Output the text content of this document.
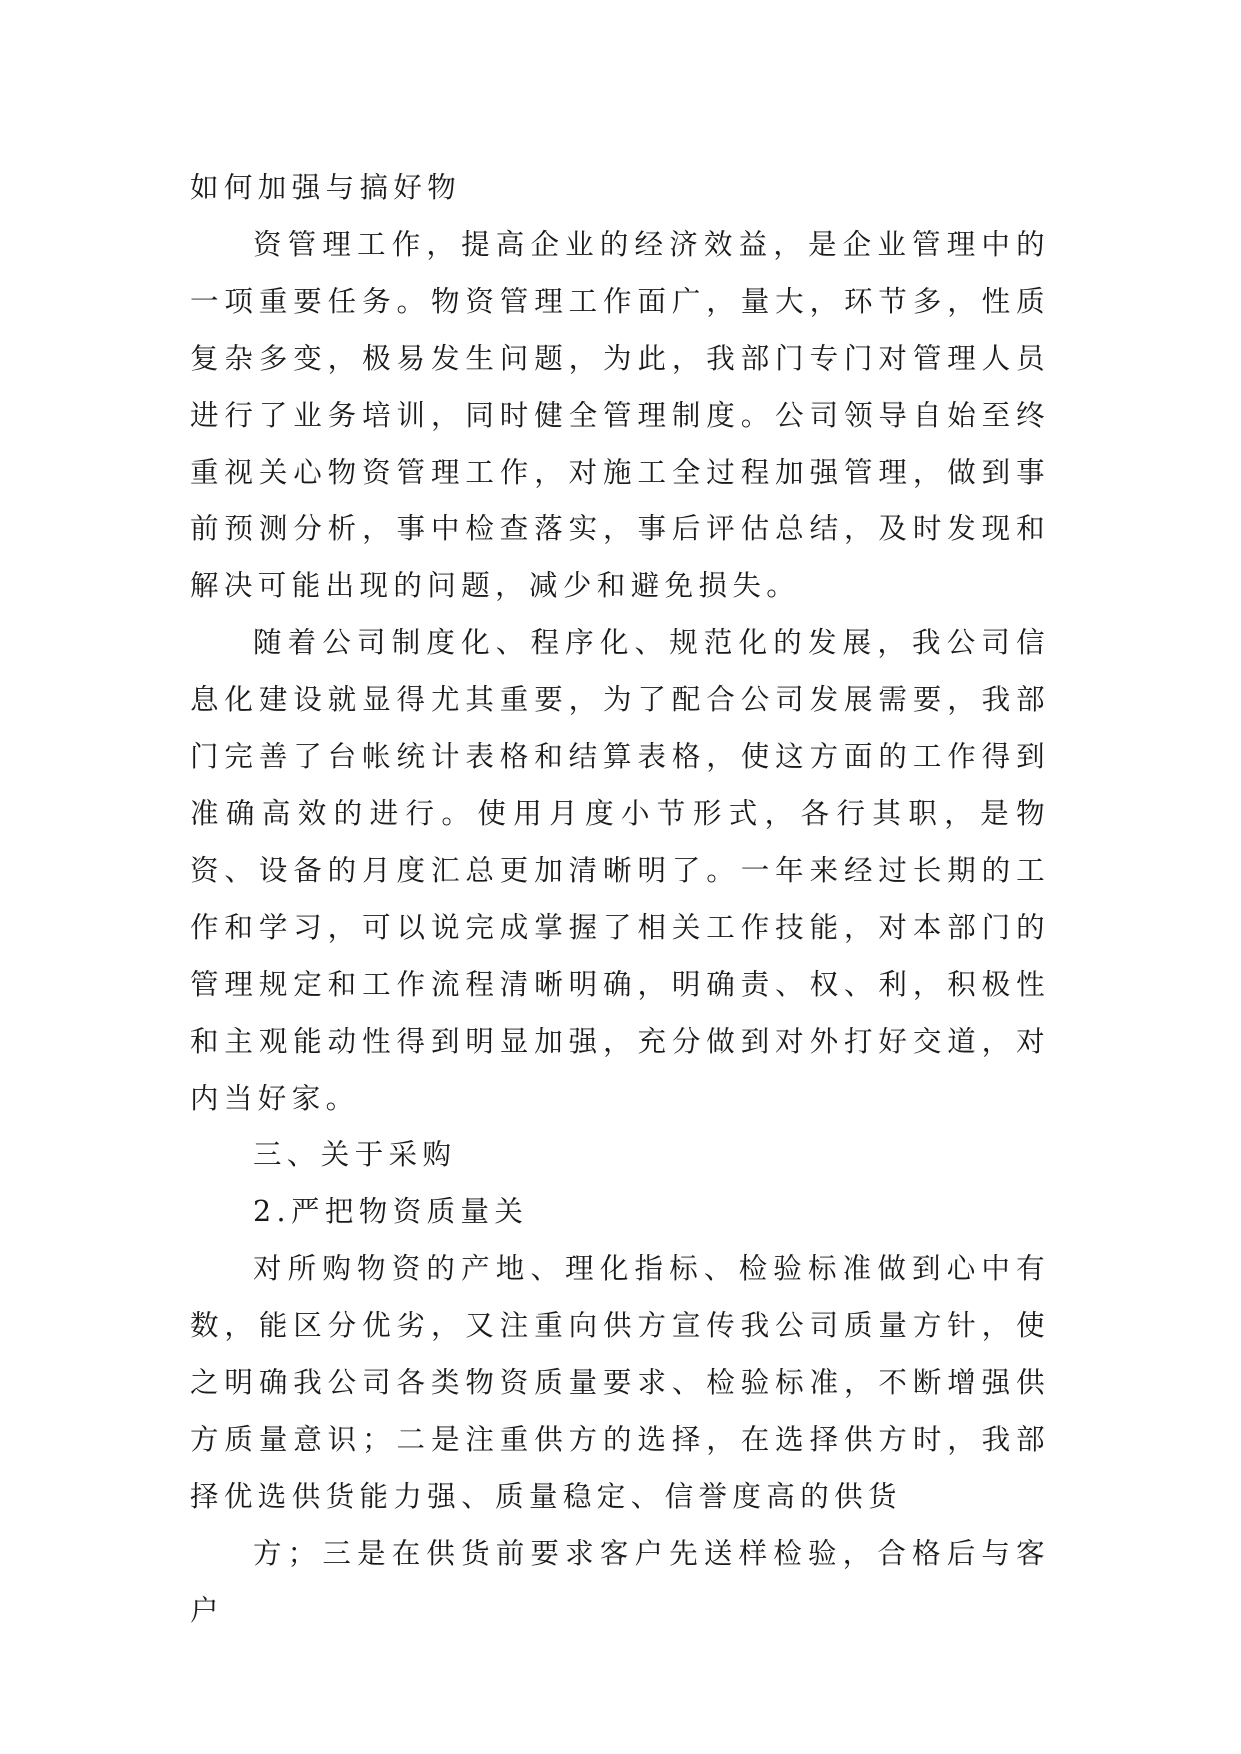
如何加强与搞好物

资管理工作，提高企业的经济效益，是企业管理中的一项重要任务。物资管理工作面广，量大，环节多，性质复杂多变，极易发生问题，为此，我部门专门对管理人员进行了业务培训，同时健全管理制度。公司领导自始至终重视关心物资管理工作，对施工全过程加强管理，做到事前预测分析，事中检查落实，事后评估总结，及时发现和解决可能出现的问题，减少和避免损失。

随着公司制度化、程序化、规范化的发展，我公司信息化建设就显得尤其重要，为了配合公司发展需要，我部门完善了台帐统计表格和结算表格，使这方面的工作得到准确高效的进行。使用月度小节形式，各行其职，是物资、设备的月度汇总更加清晰明了。一年来经过长期的工作和学习，可以说完成掌握了相关工作技能，对本部门的管理规定和工作流程清晰明确，明确责、权、利，积极性和主观能动性得到明显加强，充分做到对外打好交道，对内当好家。

三、关于采购

2.严把物资质量关

对所购物资的产地、理化指标、检验标准做到心中有数，能区分优劣，又注重向供方宣传我公司质量方针，使之明确我公司各类物资质量要求、检验标准，不断增强供方质量意识；二是注重供方的选择，在选择供方时，我部择优选供货能力强、质量稳定、信誉度高的供货

方；三是在供货前要求客户先送样检验，合格后与客户
